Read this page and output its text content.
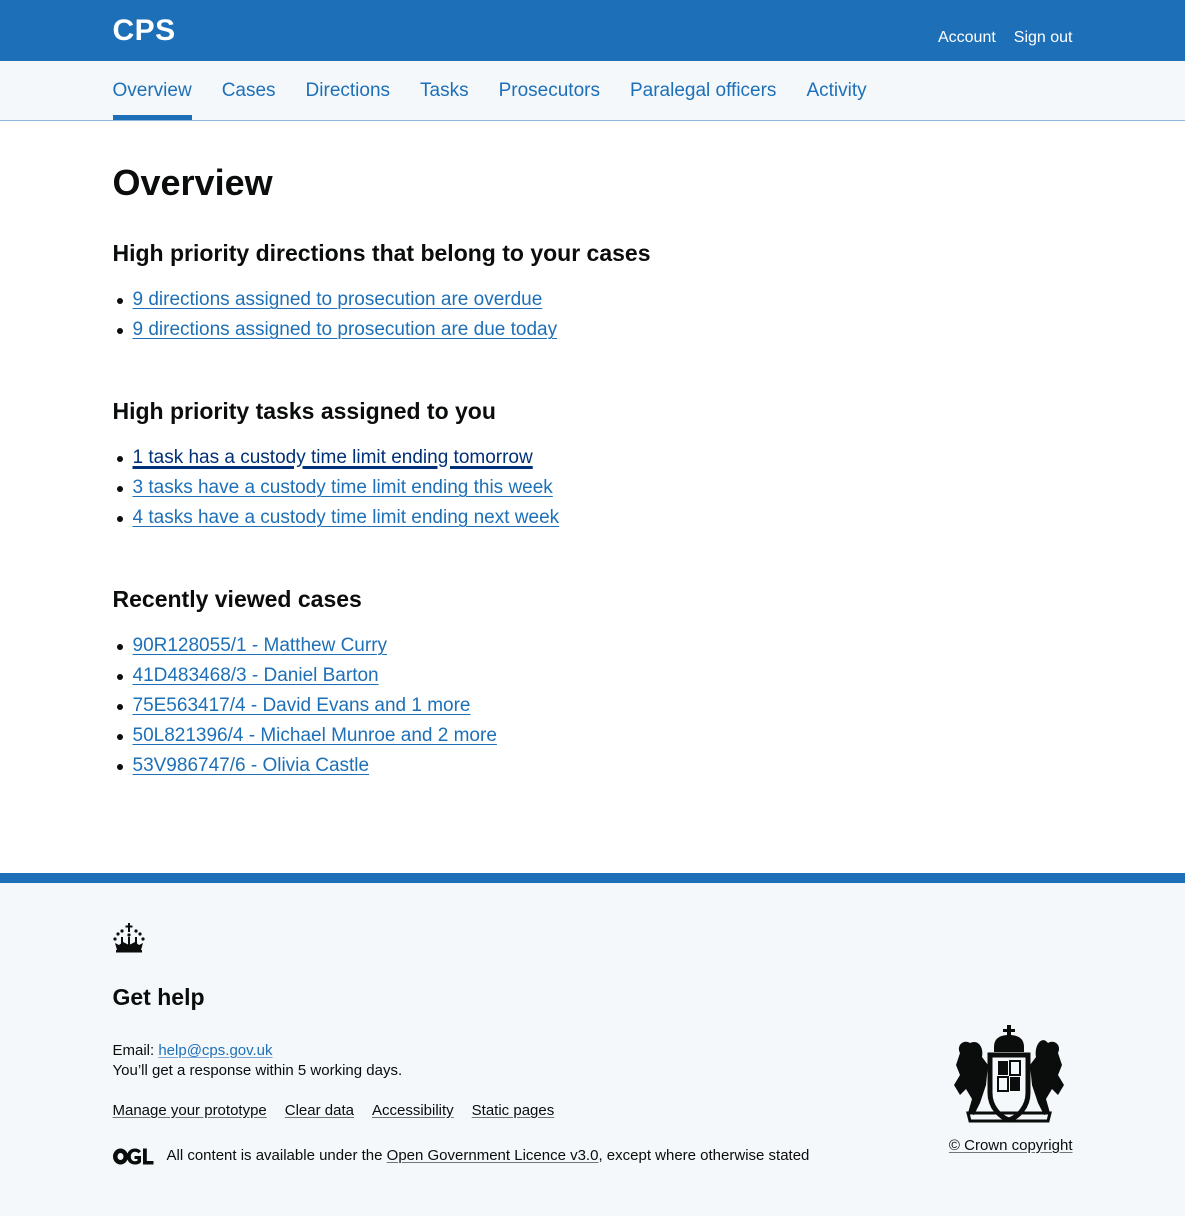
CPS	Account Sign out
Overview Cases Directions Tasks Prosecutors Paralegal officers Activity
Overview
High priority directions that belong to your cases
9 directions assigned to prosecution are overdue
9 directions assigned to prosecution are due today
High priority tasks assigned to you
1 task has a custody time limit ending tomorrow
3 tasks have a custody time limit ending this week
4 tasks have a custody time limit ending next week
Recently viewed cases
90R128055/1 - Matthew Curry
41D483468/3 - Daniel Barton
75E563417/4 - David Evans and 1 more
50L821396/4 - Michael Munroe and 2 more
53V986747/6 - Olivia Castle
Get help
Email: help@cps.gov.uk
You’ll get a response within 5 working days.
Manage your prototype Clear data Accessibility Static pages
All content is available under the
Open Government Licence v3.0 , except where otherwise stated
© Crown copyright
